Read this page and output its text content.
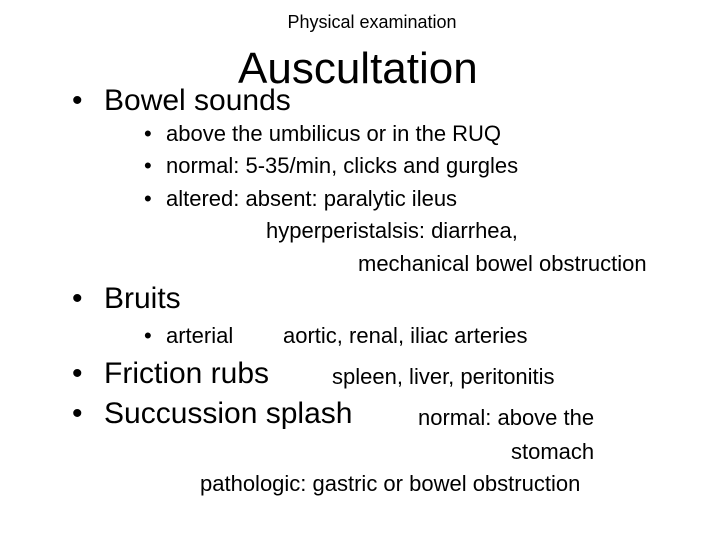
Physical examination
Auscultation
• Bowel sounds
• above the umbilicus or in the RUQ
• normal: 5-35/min, clicks and gurgles
• altered: absent: paralytic ileus
hyperperistalsis: diarrhea,
mechanical bowel obstruction
• Bruits
• arterial aortic, renal, iliac arteries
• Friction rubs	spleen, liver, peritonitis
• Succussion splash	normal: above the
stomach
pathologic: gastric or bowel obstruction
